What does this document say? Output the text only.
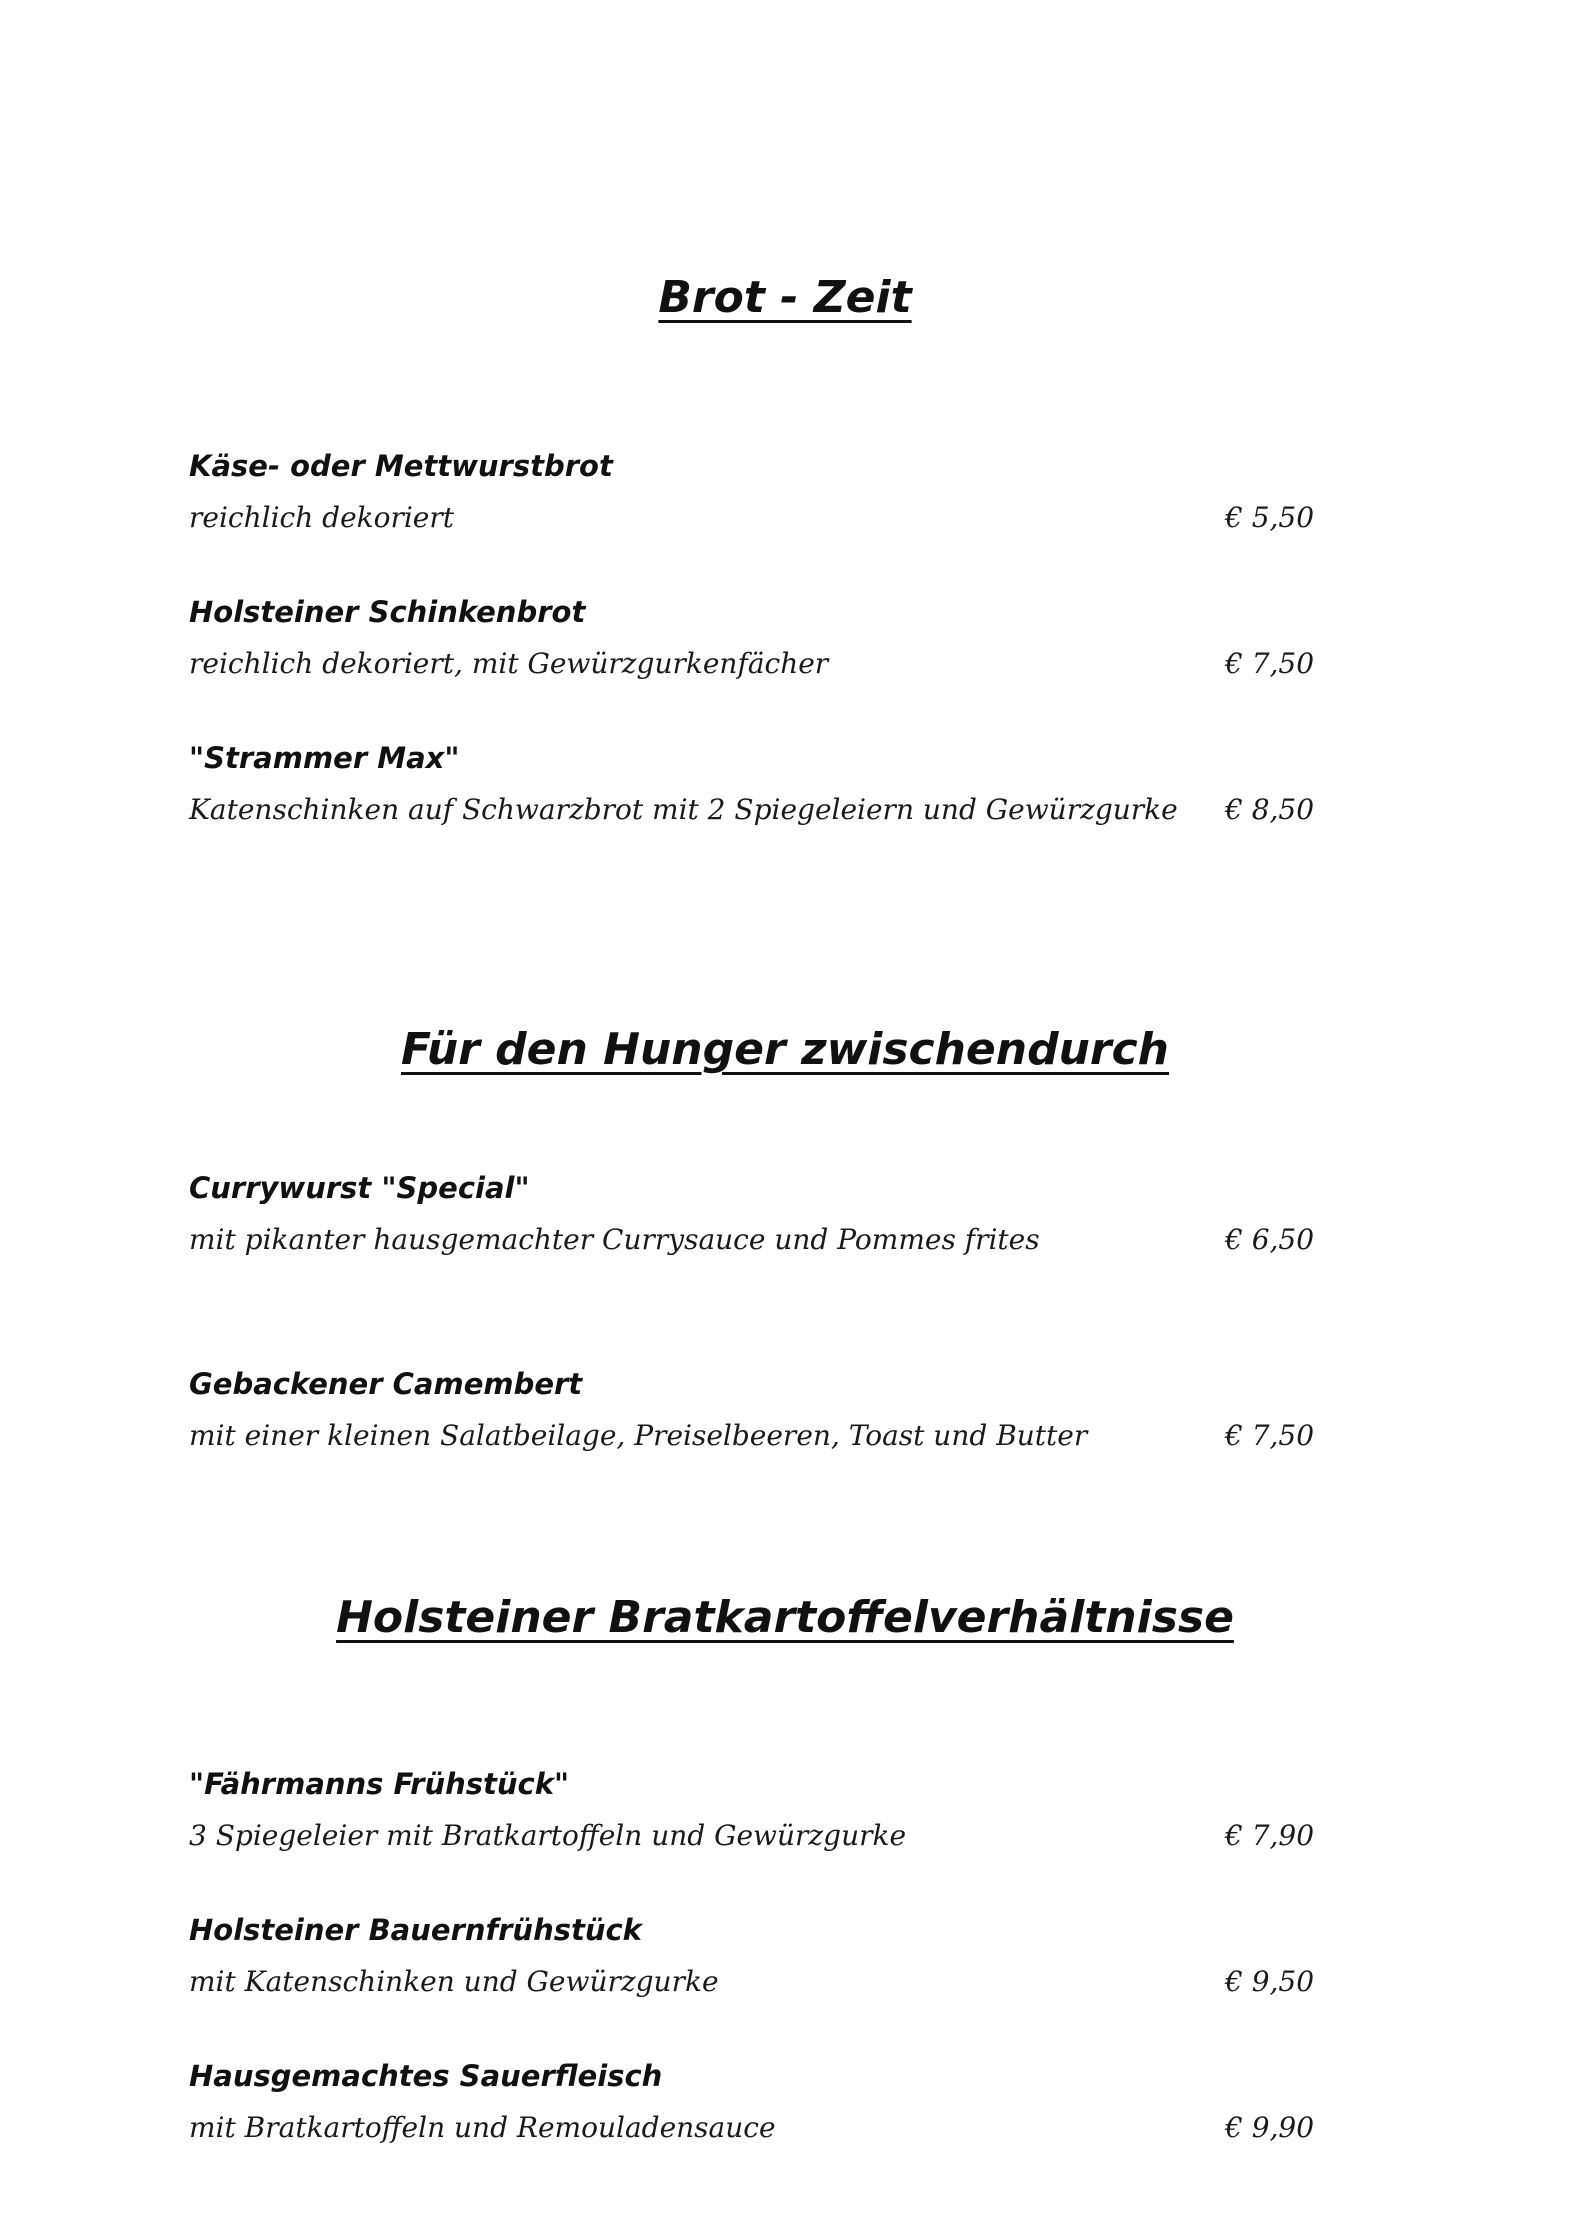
Brot - Zeit
Käse- oder Mettwurstbrot
reichlich dekoriert	€ 5,50
Holsteiner Schinkenbrot
reichlich dekoriert, mit Gewürzgurkenfächer	€ 7,50
"Strammer Max"
Katenschinken auf Schwarzbrot mit 2 Spiegeleiern und Gewürzgurke € 8,50
Für den Hunger zwischendurch
Currywurst "Special"
mit pikanter hausgemachter Currysauce und Pommes frites	€ 6,50
Gebackener Camembert
mit einer kleinen Salatbeilage, Preiselbeeren, Toast und Butter	€ 7,50
Holsteiner Bratkartoffelverhältnisse
"Fährmanns Frühstück"
3 Spiegeleier mit Bratkartoffeln und Gewürzgurke	€ 7,90
Holsteiner Bauernfrühstück
mit Katenschinken und Gewürzgurke	€ 9,50
Hausgemachtes Sauerfleisch
mit Bratkartoffeln und Remouladensauce	€ 9,90
